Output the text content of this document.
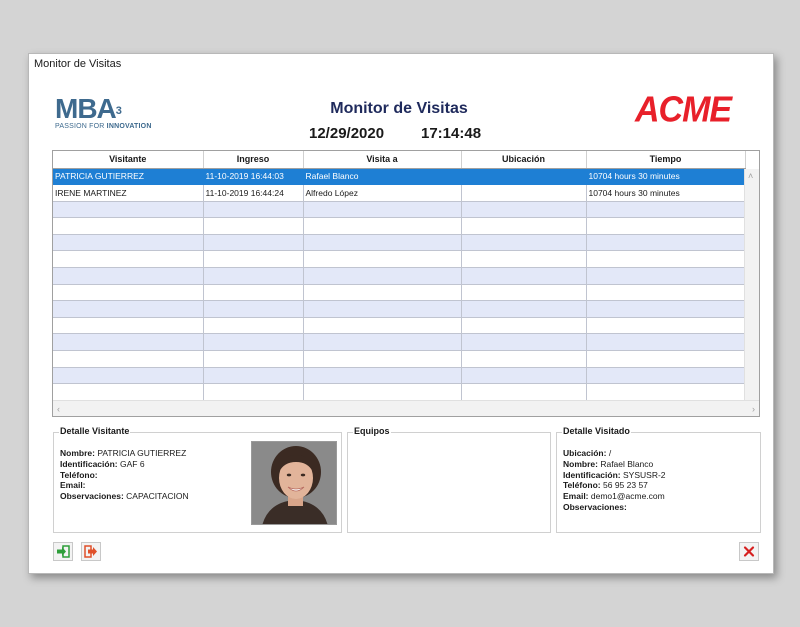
Monitor de Visitas
MBA$^3$
PASSION FOR INNOVATION
Monitor de Visitas
12/29/2020 17:14:48
ACME
Visitante	Ingreso	Visita a	Ubicación	Tiempo
PATRICIA GUTIERREZ	11-10-2019 16:44:03	Rafael Blanco		10704 hours 30 minutes
IRENE MARTINEZ	11-10-2019 16:44:24	Alfredo López		10704 hours 30 minutes

˄
‹	›
Detalle Visitante
Nombre: PATRICIA GUTIERREZ
Identificación: GAF 6
Teléfono:
Email:
Observaciones: CAPACITACION
Equipos	Detalle Visitado
Ubicación: /
Nombre: Rafael Blanco
Identificación: SYSUSR-2
Teléfono: 56 95 23 57
Email: demo1@acme.com
Observaciones:
